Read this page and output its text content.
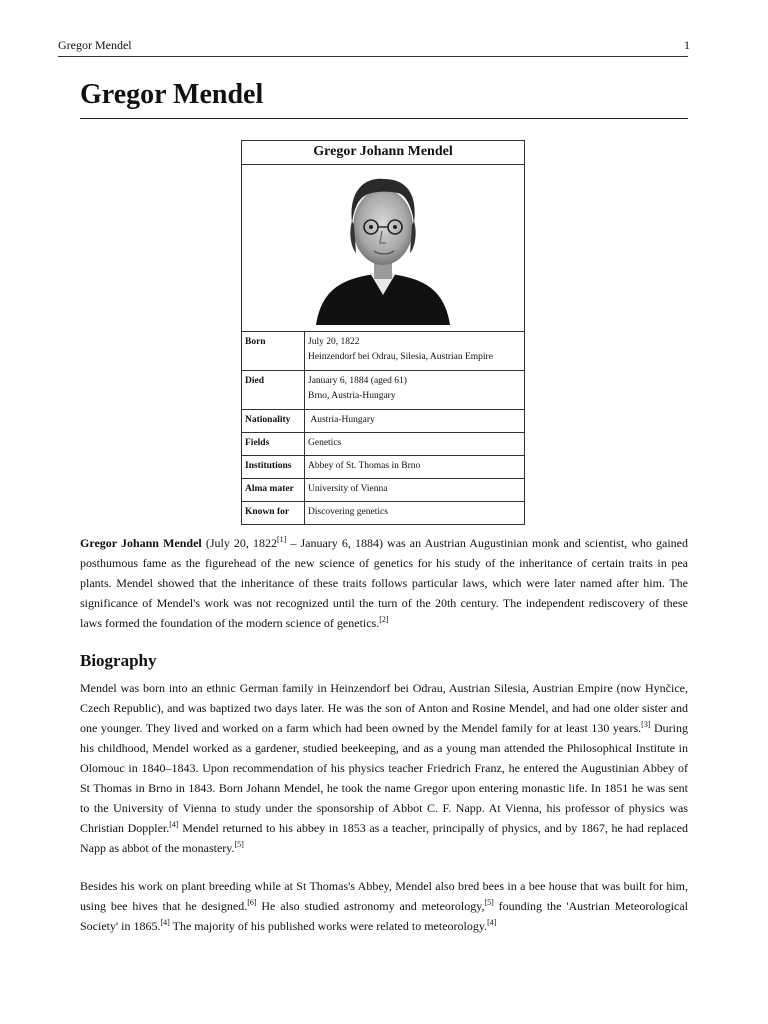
Gregor Mendel	1
Gregor Mendel
Gregor Johann Mendel	

Born	July 20, 1822
Heinzendorf bei Odrau, Silesia, Austrian Empire

Died	January 6, 1884 (aged 61)
Brno, Austria-Hungary

Nationality	Austria-Hungary
Fields	Genetics
Institutions	Abbey of St. Thomas in Brno
Alma mater	University of Vienna
Known for	Discovering genetics

Gregor Johann Mendel (July 20, 1822[1] – January 6, 1884) was an Austrian Augustinian monk and scientist, who gained posthumous fame as the figurehead of the new science of genetics for his study of the inheritance of certain traits in pea plants. Mendel showed that the inheritance of these traits follows particular laws, which were later named after him. The significance of Mendel's work was not recognized until the turn of the 20th century. The independent rediscovery of these laws formed the foundation of the modern science of genetics.[2]

Biography

Mendel was born into an ethnic German family in Heinzendorf bei Odrau, Austrian Silesia, Austrian Empire (now Hynčice, Czech Republic), and was baptized two days later. He was the son of Anton and Rosine Mendel, and had one older sister and one younger. They lived and worked on a farm which had been owned by the Mendel family for at least 130 years.[3] During his childhood, Mendel worked as a gardener, studied beekeeping, and as a young man attended the Philosophical Institute in Olomouc in 1840–1843. Upon recommendation of his physics teacher Friedrich Franz, he entered the Augustinian Abbey of St Thomas in Brno in 1843. Born Johann Mendel, he took the name Gregor upon entering monastic life. In 1851 he was sent to the University of Vienna to study under the sponsorship of Abbot C. F. Napp. At Vienna, his professor of physics was Christian Doppler.[4] Mendel returned to his abbey in 1853 as a teacher, principally of physics, and by 1867, he had replaced Napp as abbot of the monastery.[5]

Besides his work on plant breeding while at St Thomas's Abbey, Mendel also bred bees in a bee house that was built for him, using bee hives that he designed.[6] He also studied astronomy and meteorology,[5] founding the 'Austrian Meteorological Society' in 1865.[4] The majority of his published works were related to meteorology.[4]
